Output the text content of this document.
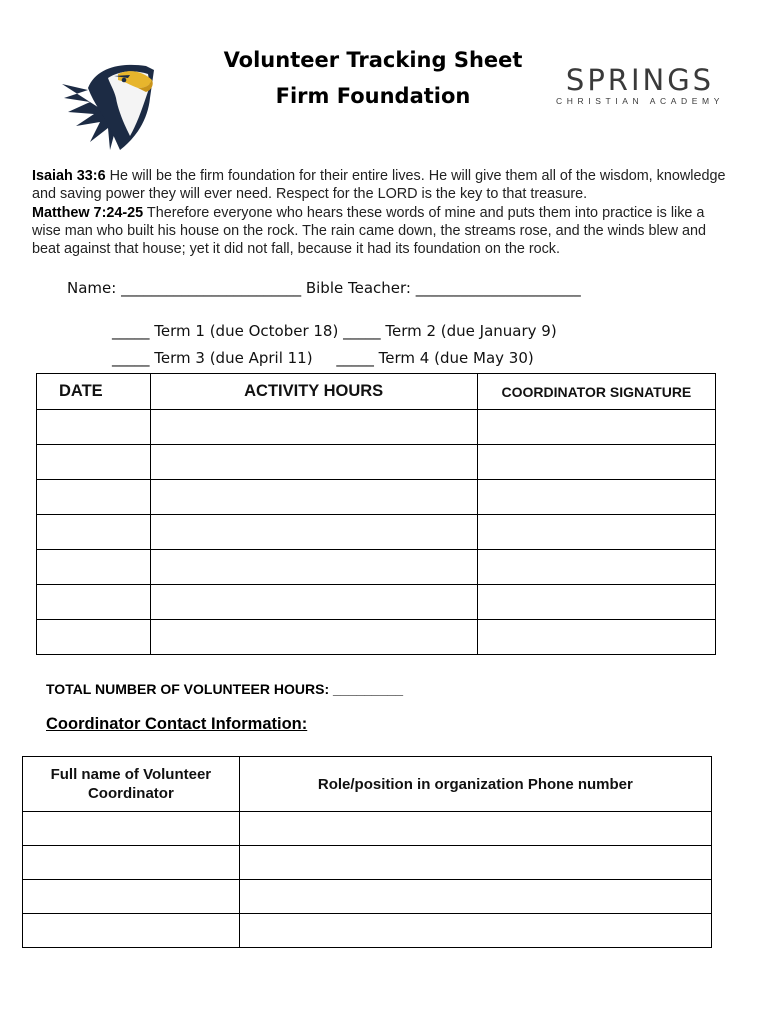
Volunteer Tracking Sheet
Firm Foundation	SPRINGS
CHRISTIAN ACADEMY
Isaiah 33:6 He will be the firm foundation for their entire lives. He will give them all of the wisdom, knowledge and saving power they will ever need. Respect for the LORD is the key to that treasure.
Matthew 7:24-25 Therefore everyone who hears these words of mine and puts them into practice is like a wise man who built his house on the rock. The rain came down, the streams rose, and the winds blew and beat against that house; yet it did not fall, because it had its foundation on the rock.
Name: ________________________ Bible Teacher: ______________________
_____ Term 1 (due October 18) _____ Term 2 (due January 9)
_____ Term 3 (due April 11)     _____ Term 4 (due May 30)
DATE	ACTIVITY HOURS	COORDINATOR SIGNATURE

TOTAL NUMBER OF VOLUNTEER HOURS: _________
Coordinator Contact Information:
Full name of Volunteer Coordinator	Role/position in organization Phone number
